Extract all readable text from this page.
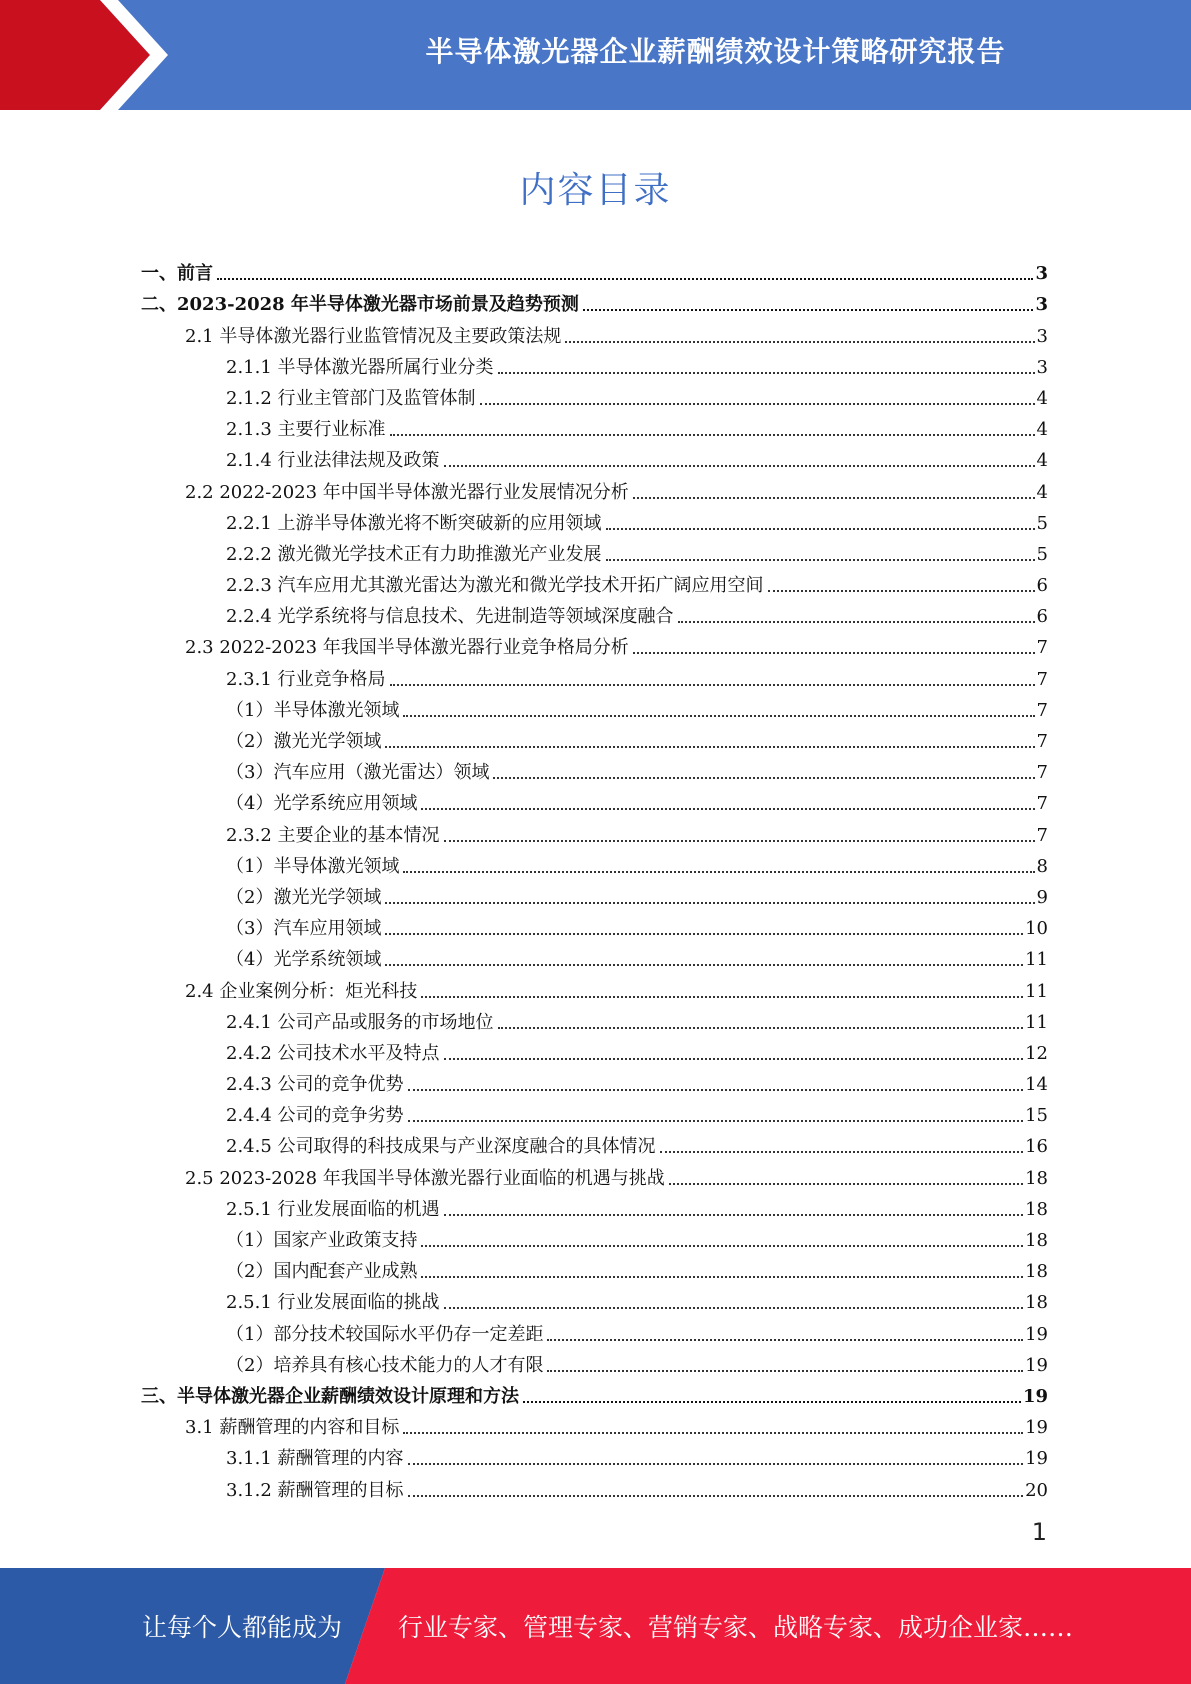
半导体激光器企业薪酬绩效设计策略研究报告
内容目录
一、前言	3
二、2023-2028 年半导体激光器市场前景及趋势预测	3
2.1 半导体激光器行业监管情况及主要政策法规	3
2.1.1 半导体激光器所属行业分类	3
2.1.2 行业主管部门及监管体制	4
2.1.3 主要行业标准	4
2.1.4 行业法律法规及政策	4
2.2 2022-2023 年中国半导体激光器行业发展情况分析	4
2.2.1 上游半导体激光将不断突破新的应用领域	5
2.2.2 激光微光学技术正有力助推激光产业发展	5
2.2.3 汽车应用尤其激光雷达为激光和微光学技术开拓广阔应用空间	6
2.2.4 光学系统将与信息技术、先进制造等领域深度融合	6
2.3 2022-2023 年我国半导体激光器行业竞争格局分析	7
2.3.1 行业竞争格局	7
（1）半导体激光领域	7
（2）激光光学领域	7
（3）汽车应用（激光雷达）领域	7
（4）光学系统应用领域	7
2.3.2 主要企业的基本情况	7
（1）半导体激光领域	8
（2）激光光学领域	9
（3）汽车应用领域	10
（4）光学系统领域	11
2.4 企业案例分析：炬光科技	11
2.4.1 公司产品或服务的市场地位	11
2.4.2 公司技术水平及特点	12
2.4.3 公司的竞争优势	14
2.4.4 公司的竞争劣势	15
2.4.5 公司取得的科技成果与产业深度融合的具体情况	16
2.5 2023-2028 年我国半导体激光器行业面临的机遇与挑战	18
2.5.1 行业发展面临的机遇	18
（1）国家产业政策支持	18
（2）国内配套产业成熟	18
2.5.1 行业发展面临的挑战	18
（1）部分技术较国际水平仍存一定差距	19
（2）培养具有核心技术能力的人才有限	19
三、半导体激光器企业薪酬绩效设计原理和方法	19
3.1 薪酬管理的内容和目标	19
3.1.1 薪酬管理的内容	19
3.1.2 薪酬管理的目标	20
1
让每个人都能成为 行业专家、管理专家、营销专家、战略专家、成功企业家……
